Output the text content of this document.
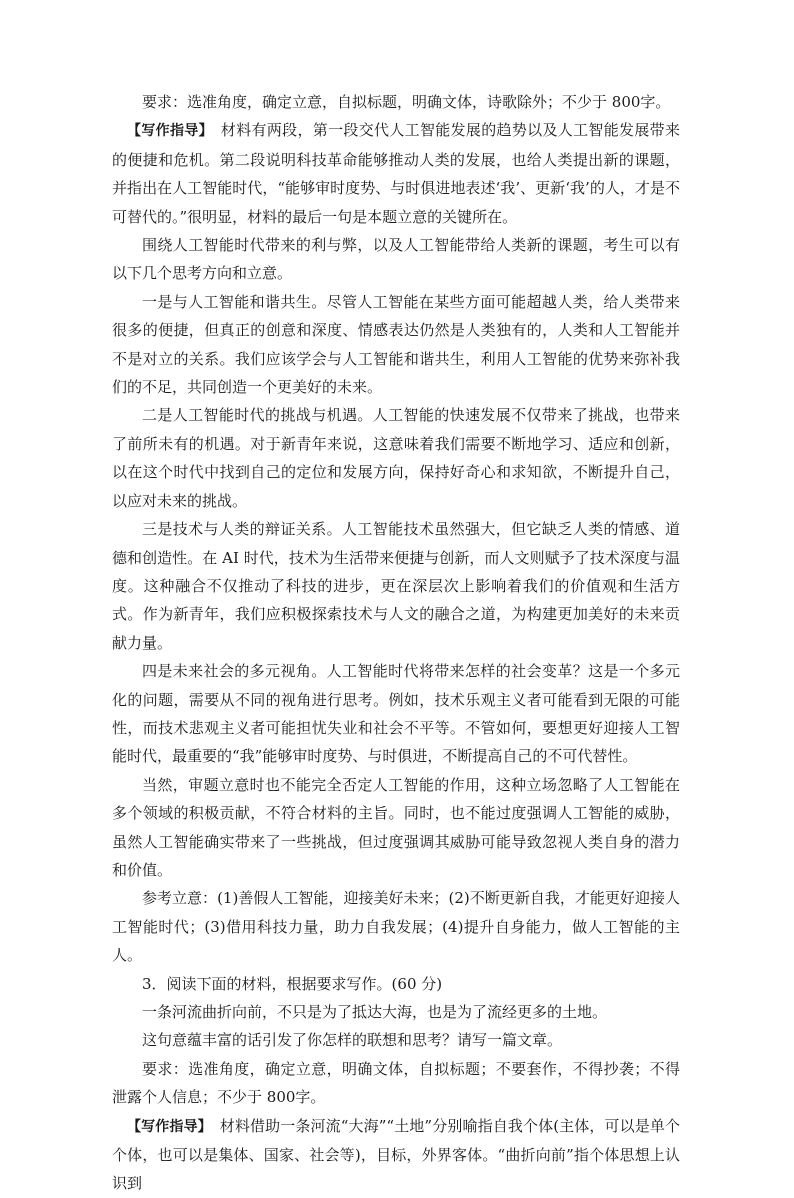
要求：选准角度，确定立意，自拟标题，明确文体，诗歌除外；不少于 800字。

【写作指导】 材料有两段，第一段交代人工智能发展的趋势以及人工智能发展带来的便捷和危机。第二段说明科技革命能够推动人类的发展，也给人类提出新的课题，并指出在人工智能时代，“能够审时度势、与时俱进地表述‘我’、更新‘我’的人，才是不可替代的。”很明显，材料的最后一句是本题立意的关键所在。

围绕人工智能时代带来的利与弊，以及人工智能带给人类新的课题，考生可以有以下几个思考方向和立意。

一是与人工智能和谐共生。尽管人工智能在某些方面可能超越人类，给人类带来很多的便捷，但真正的创意和深度、情感表达仍然是人类独有的，人类和人工智能并不是对立的关系。我们应该学会与人工智能和谐共生，利用人工智能的优势来弥补我们的不足，共同创造一个更美好的未来。

二是人工智能时代的挑战与机遇。人工智能的快速发展不仅带来了挑战，也带来了前所未有的机遇。对于新青年来说，这意味着我们需要不断地学习、适应和创新，以在这个时代中找到自己的定位和发展方向，保持好奇心和求知欲，不断提升自己，以应对未来的挑战。

三是技术与人类的辩证关系。人工智能技术虽然强大，但它缺乏人类的情感、道德和创造性。在 AI 时代，技术为生活带来便捷与创新，而人文则赋予了技术深度与温度。这种融合不仅推动了科技的进步，更在深层次上影响着我们的价值观和生活方式。作为新青年，我们应积极探索技术与人文的融合之道，为构建更加美好的未来贡献力量。

四是未来社会的多元视角。人工智能时代将带来怎样的社会变革？这是一个多元化的问题，需要从不同的视角进行思考。例如，技术乐观主义者可能看到无限的可能性，而技术悲观主义者可能担忧失业和社会不平等。不管如何，要想更好迎接人工智能时代，最重要的“我”能够审时度势、与时俱进，不断提高自己的不可代替性。

当然，审题立意时也不能完全否定人工智能的作用，这种立场忽略了人工智能在多个领域的积极贡献，不符合材料的主旨。同时，也不能过度强调人工智能的威胁，虽然人工智能确实带来了一些挑战，但过度强调其威胁可能导致忽视人类自身的潜力和价值。

参考立意：(1)善假人工智能，迎接美好未来；(2)不断更新自我，才能更好迎接人工智能时代；(3)借用科技力量，助力自我发展；(4)提升自身能力，做人工智能的主人。

3．阅读下面的材料，根据要求写作。(60 分)

一条河流曲折向前，不只是为了抵达大海，也是为了流经更多的土地。

这句意蕴丰富的话引发了你怎样的联想和思考？请写一篇文章。

要求：选准角度，确定立意，明确文体，自拟标题；不要套作，不得抄袭；不得泄露个人信息；不少于 800字。

【写作指导】 材料借助一条河流“大海”“土地”分别喻指自我个体(主体，可以是单个个体，也可以是集体、国家、社会等)，目标，外界客体。“曲折向前”指个体思想上认识到
